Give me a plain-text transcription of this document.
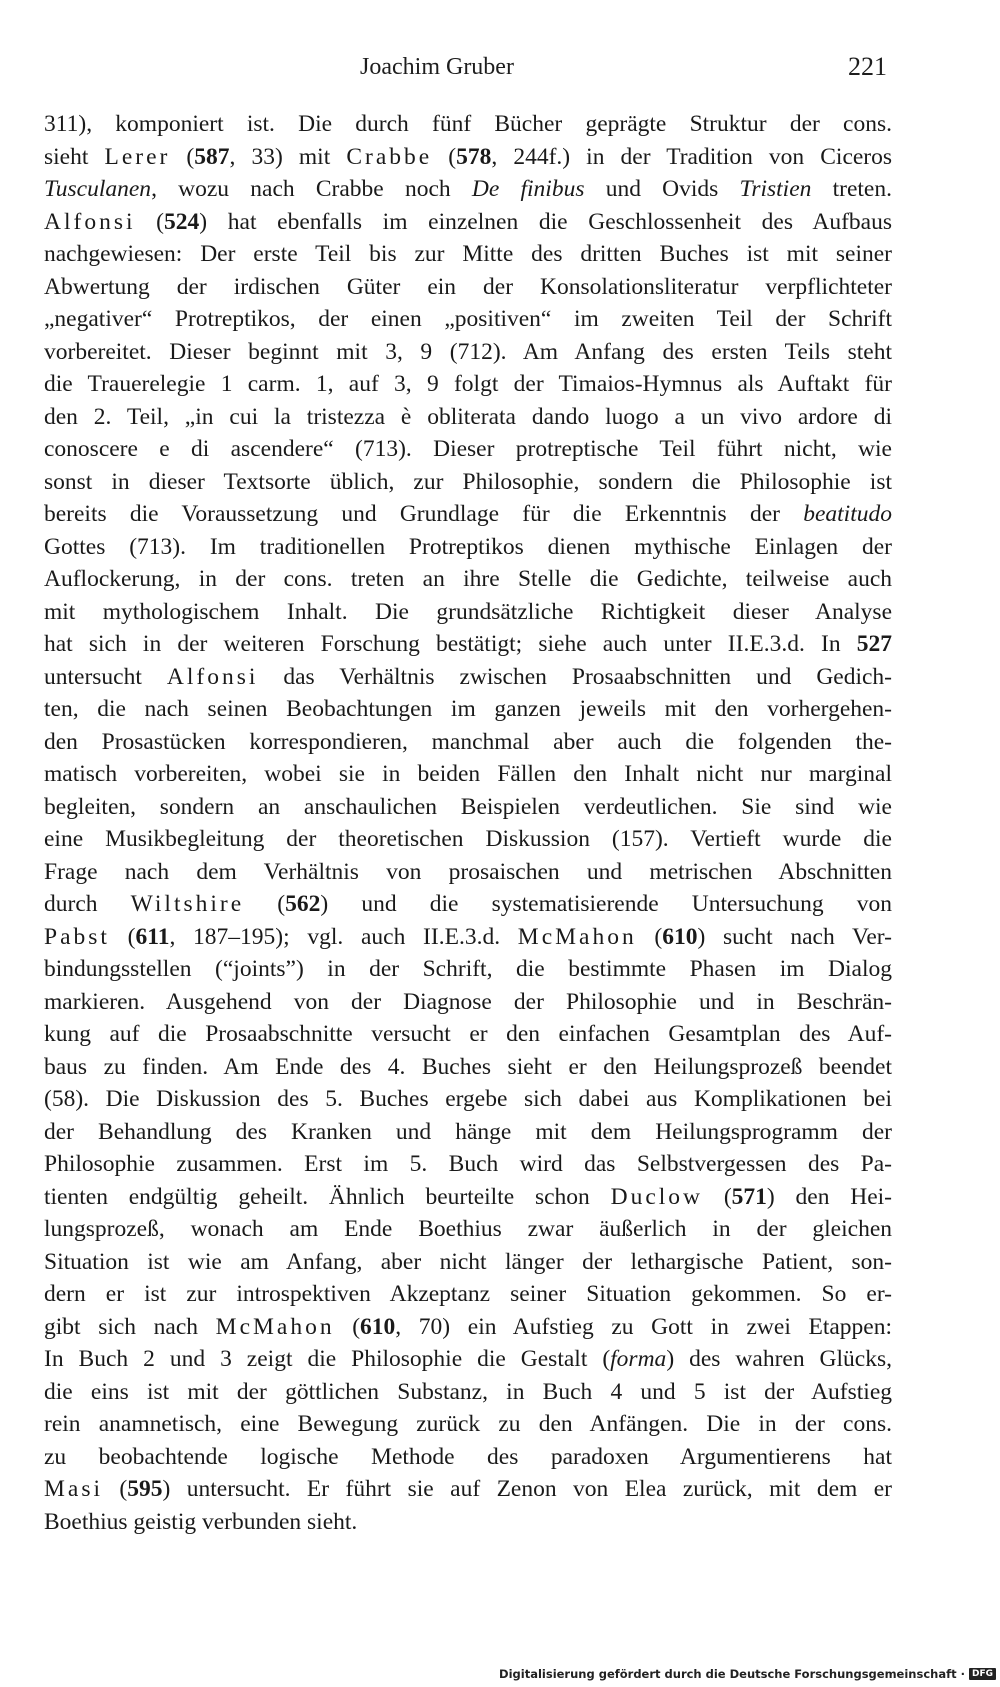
Joachim Gruber	221
311), komponiert ist. Die durch fünf Bücher geprägte Struktur der cons.
sieht Lerer (587, 33) mit Crabbe (578, 244f.) in der Tradition von Ciceros
Tusculanen, wozu nach Crabbe noch De finibus und Ovids Tristien treten.
Alfonsi (524) hat ebenfalls im einzelnen die Geschlossenheit des Aufbaus
nachgewiesen: Der erste Teil bis zur Mitte des dritten Buches ist mit seiner
Abwertung der irdischen Güter ein der Konsolationsliteratur verpflichteter
„negativer“ Protreptikos, der einen „positiven“ im zweiten Teil der Schrift
vorbereitet. Dieser beginnt mit 3, 9 (712). Am Anfang des ersten Teils steht
die Trauerelegie 1 carm. 1, auf 3, 9 folgt der Timaios-Hymnus als Auftakt für
den 2. Teil, „in cui la tristezza è obliterata dando luogo a un vivo ardore di
conoscere e di ascendere“ (713). Dieser protreptische Teil führt nicht, wie
sonst in dieser Textsorte üblich, zur Philosophie, sondern die Philosophie ist
bereits die Voraussetzung und Grundlage für die Erkenntnis der beatitudo
Gottes (713). Im traditionellen Protreptikos dienen mythische Einlagen der
Auflockerung, in der cons. treten an ihre Stelle die Gedichte, teilweise auch
mit mythologischem Inhalt. Die grundsätzliche Richtigkeit dieser Analyse
hat sich in der weiteren Forschung bestätigt; siehe auch unter II.E.3.d. In 527
untersucht Alfonsi das Verhältnis zwischen Prosaabschnitten und Gedich-
ten, die nach seinen Beobachtungen im ganzen jeweils mit den vorhergehen-
den Prosastücken korrespondieren, manchmal aber auch die folgenden the-
matisch vorbereiten, wobei sie in beiden Fällen den Inhalt nicht nur marginal
begleiten, sondern an anschaulichen Beispielen verdeutlichen. Sie sind wie
eine Musikbegleitung der theoretischen Diskussion (157). Vertieft wurde die
Frage nach dem Verhältnis von prosaischen und metrischen Abschnitten
durch Wiltshire (562) und die systematisierende Untersuchung von
Pabst (611, 187–195); vgl. auch II.E.3.d. McMahon (610) sucht nach Ver-
bindungsstellen (“joints”) in der Schrift, die bestimmte Phasen im Dialog
markieren. Ausgehend von der Diagnose der Philosophie und in Beschrän-
kung auf die Prosaabschnitte versucht er den einfachen Gesamtplan des Auf-
baus zu finden. Am Ende des 4. Buches sieht er den Heilungsprozeß beendet
(58). Die Diskussion des 5. Buches ergebe sich dabei aus Komplikationen bei
der Behandlung des Kranken und hänge mit dem Heilungsprogramm der
Philosophie zusammen. Erst im 5. Buch wird das Selbstvergessen des Pa-
tienten endgültig geheilt. Ähnlich beurteilte schon Duclow (571) den Hei-
lungsprozeß, wonach am Ende Boethius zwar äußerlich in der gleichen
Situation ist wie am Anfang, aber nicht länger der lethargische Patient, son-
dern er ist zur introspektiven Akzeptanz seiner Situation gekommen. So er-
gibt sich nach McMahon (610, 70) ein Aufstieg zu Gott in zwei Etappen:
In Buch 2 und 3 zeigt die Philosophie die Gestalt (forma) des wahren Glücks,
die eins ist mit der göttlichen Substanz, in Buch 4 und 5 ist der Aufstieg
rein anamnetisch, eine Bewegung zurück zu den Anfängen. Die in der cons.
zu beobachtende logische Methode des paradoxen Argumentierens hat
Masi (595) untersucht. Er führt sie auf Zenon von Elea zurück, mit dem er
Boethius geistig verbunden sieht.
Digitalisierung gefördert durch die Deutsche Forschungsgemeinschaft · DFG
